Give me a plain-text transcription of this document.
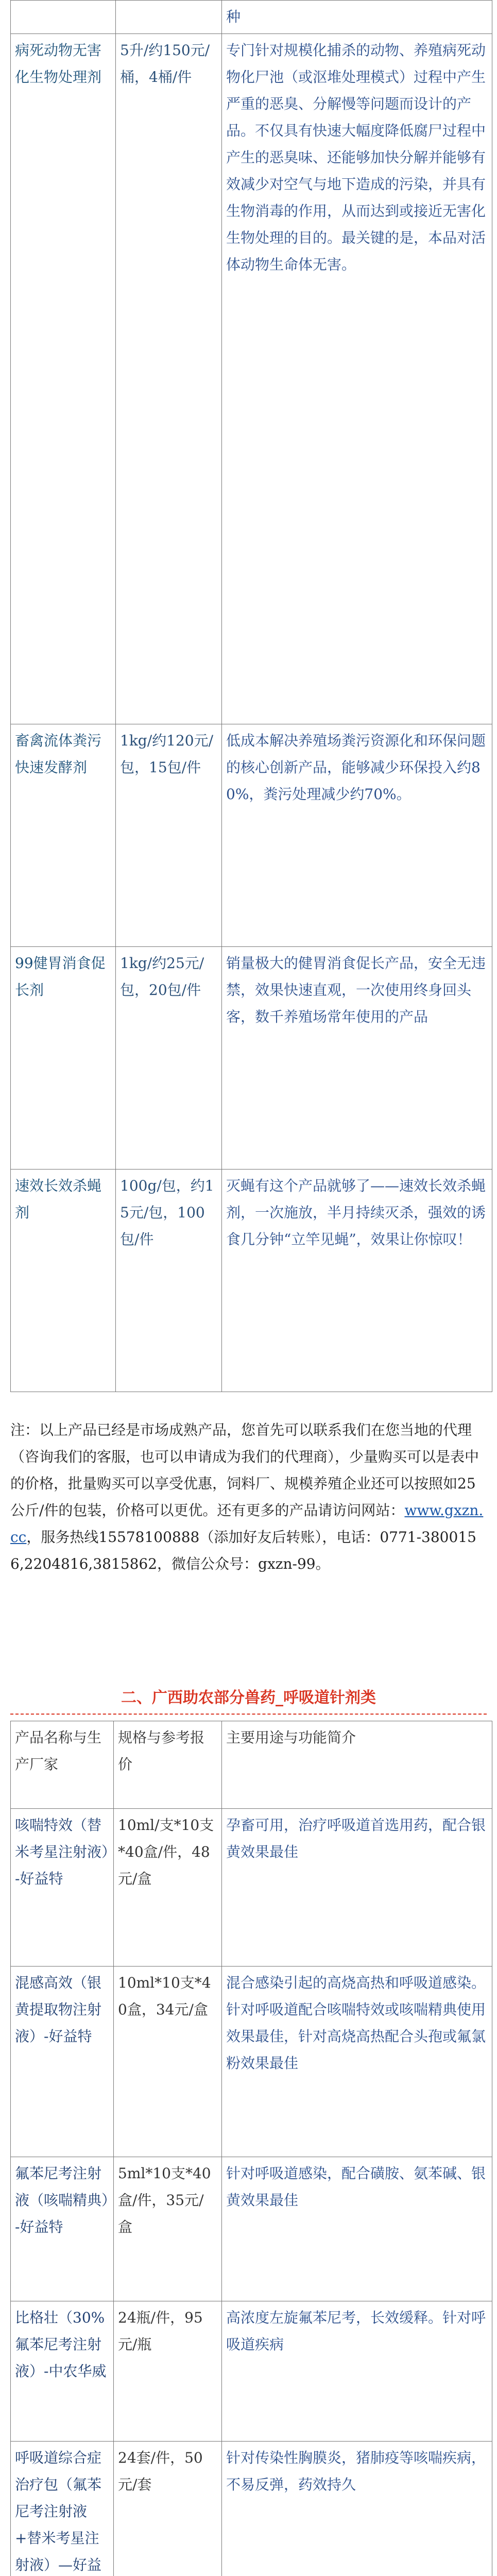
		种
病死动物无害化生物处理剂	5升/约150元/桶，4桶/件	专门针对规模化捕杀的动物、养殖病死动物化尸池（或沤堆处理模式）过程中产生严重的恶臭、分解慢等问题而设计的产品。不仅具有快速大幅度降低腐尸过程中产生的恶臭味、还能够加快分解并能够有效减少对空气与地下造成的污染，并具有生物消毒的作用，从而达到或接近无害化生物处理的目的。最关键的是，本品对活体动物生命体无害。
畜禽流体粪污快速发酵剂	1kg/约120元/包，15包/件	低成本解决养殖场粪污资源化和环保问题的核心创新产品，能够减少环保投入约80%，粪污处理减少约70%。
99健胃消食促长剂	1kg/约25元/包，20包/件	销量极大的健胃消食促长产品，安全无违禁，效果快速直观，一次使用终身回头客，数千养殖场常年使用的产品
速效长效杀蝇剂	100g/包，约15元/包，100包/件	灭蝇有这个产品就够了——速效长效杀蝇剂，一次施放，半月持续灭杀，强效的诱食几分钟“立竿见蝇”，效果让你惊叹！
注：以上产品已经是市场成熟产品，您首先可以联系我们在您当地的代理（咨询我们的客服，也可以申请成为我们的代理商），少量购买可以是表中的价格，批量购买可以享受优惠，饲料厂、规模养殖企业还可以按照如25公斤/件的包装，价格可以更优。还有更多的产品请访问网站：www.gxzn.cc，服务热线15578100888（添加好友后转账），电话：0771-3800156,2204816,3815862，微信公众号：gxzn-99。
二、广西助农部分兽药_呼吸道针剂类
产品名称与生产厂家	规格与参考报价	主要用途与功能简介
咳喘特效（替米考星注射液）-好益特	10ml/支*10支*40盒/件，48元/盒	孕畜可用，治疗呼吸道首选用药，配合银黄效果最佳
混感高效（银黄提取物注射液）-好益特	10ml*10支*40盒，34元/盒	混合感染引起的高烧高热和呼吸道感染。针对呼吸道配合咳喘特效或咳喘精典使用效果最佳，针对高烧高热配合头孢或氟氯粉效果最佳
氟苯尼考注射液（咳喘精典）-好益特	5ml*10支*40盒/件，35元/盒	针对呼吸道感染，配合磺胺、氨苯碱、银黄效果最佳
比格壮（30%氟苯尼考注射液）-中农华威	24瓶/件，95元/瓶	高浓度左旋氟苯尼考，长效缓释。针对呼吸道疾病
呼吸道综合症治疗包（氟苯尼考注射液+替米考星注射液）—好益	24套/件，50元/套	针对传染性胸膜炎，猪肺疫等咳喘疾病，不易反弹，药效持久
